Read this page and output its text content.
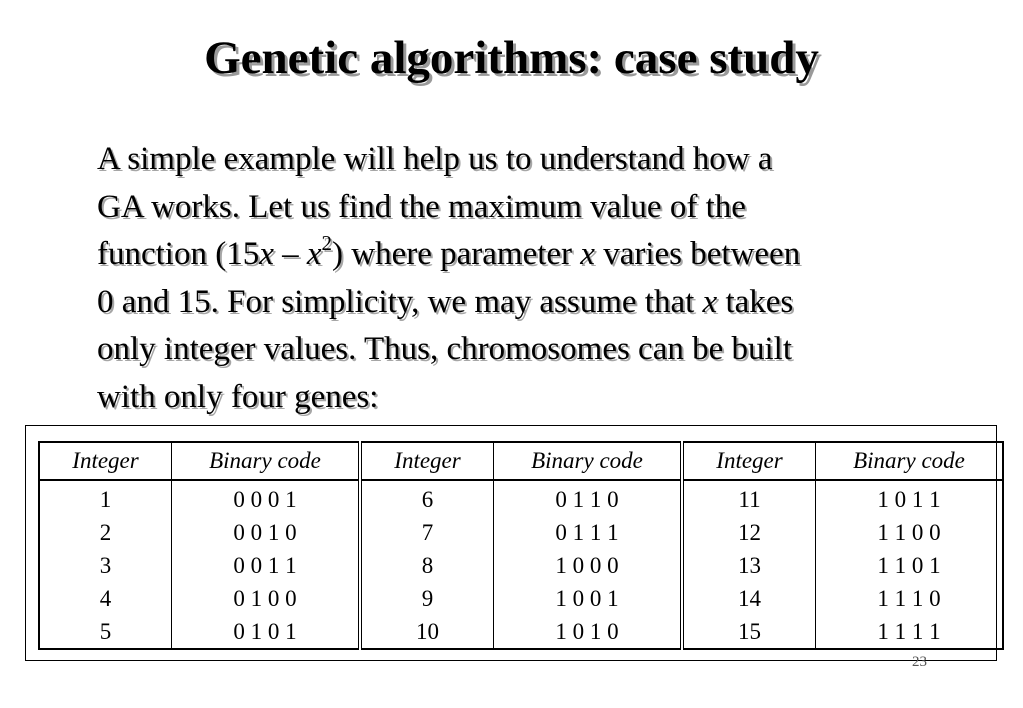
Genetic algorithms: case study
A simple example will help us to understand how a
GA works. Let us find the maximum value of the
function $(15x - x^2)$ where parameter x varies between
0 and 15. For simplicity, we may assume that x takes
only integer values. Thus, chromosomes can be built
with only four genes:
Integer	Binary code	Integer	Binary code	Integer	Binary code
1	0 0 0 1	6	0 1 1 0	11	1 0 1 1
2	0 0 1 0	7	0 1 1 1	12	1 1 0 0
3	0 0 1 1	8	1 0 0 0	13	1 1 0 1
4	0 1 0 0	9	1 0 0 1	14	1 1 1 0
5	0 1 0 1	10	1 0 1 0	15	1 1 1 1
23
